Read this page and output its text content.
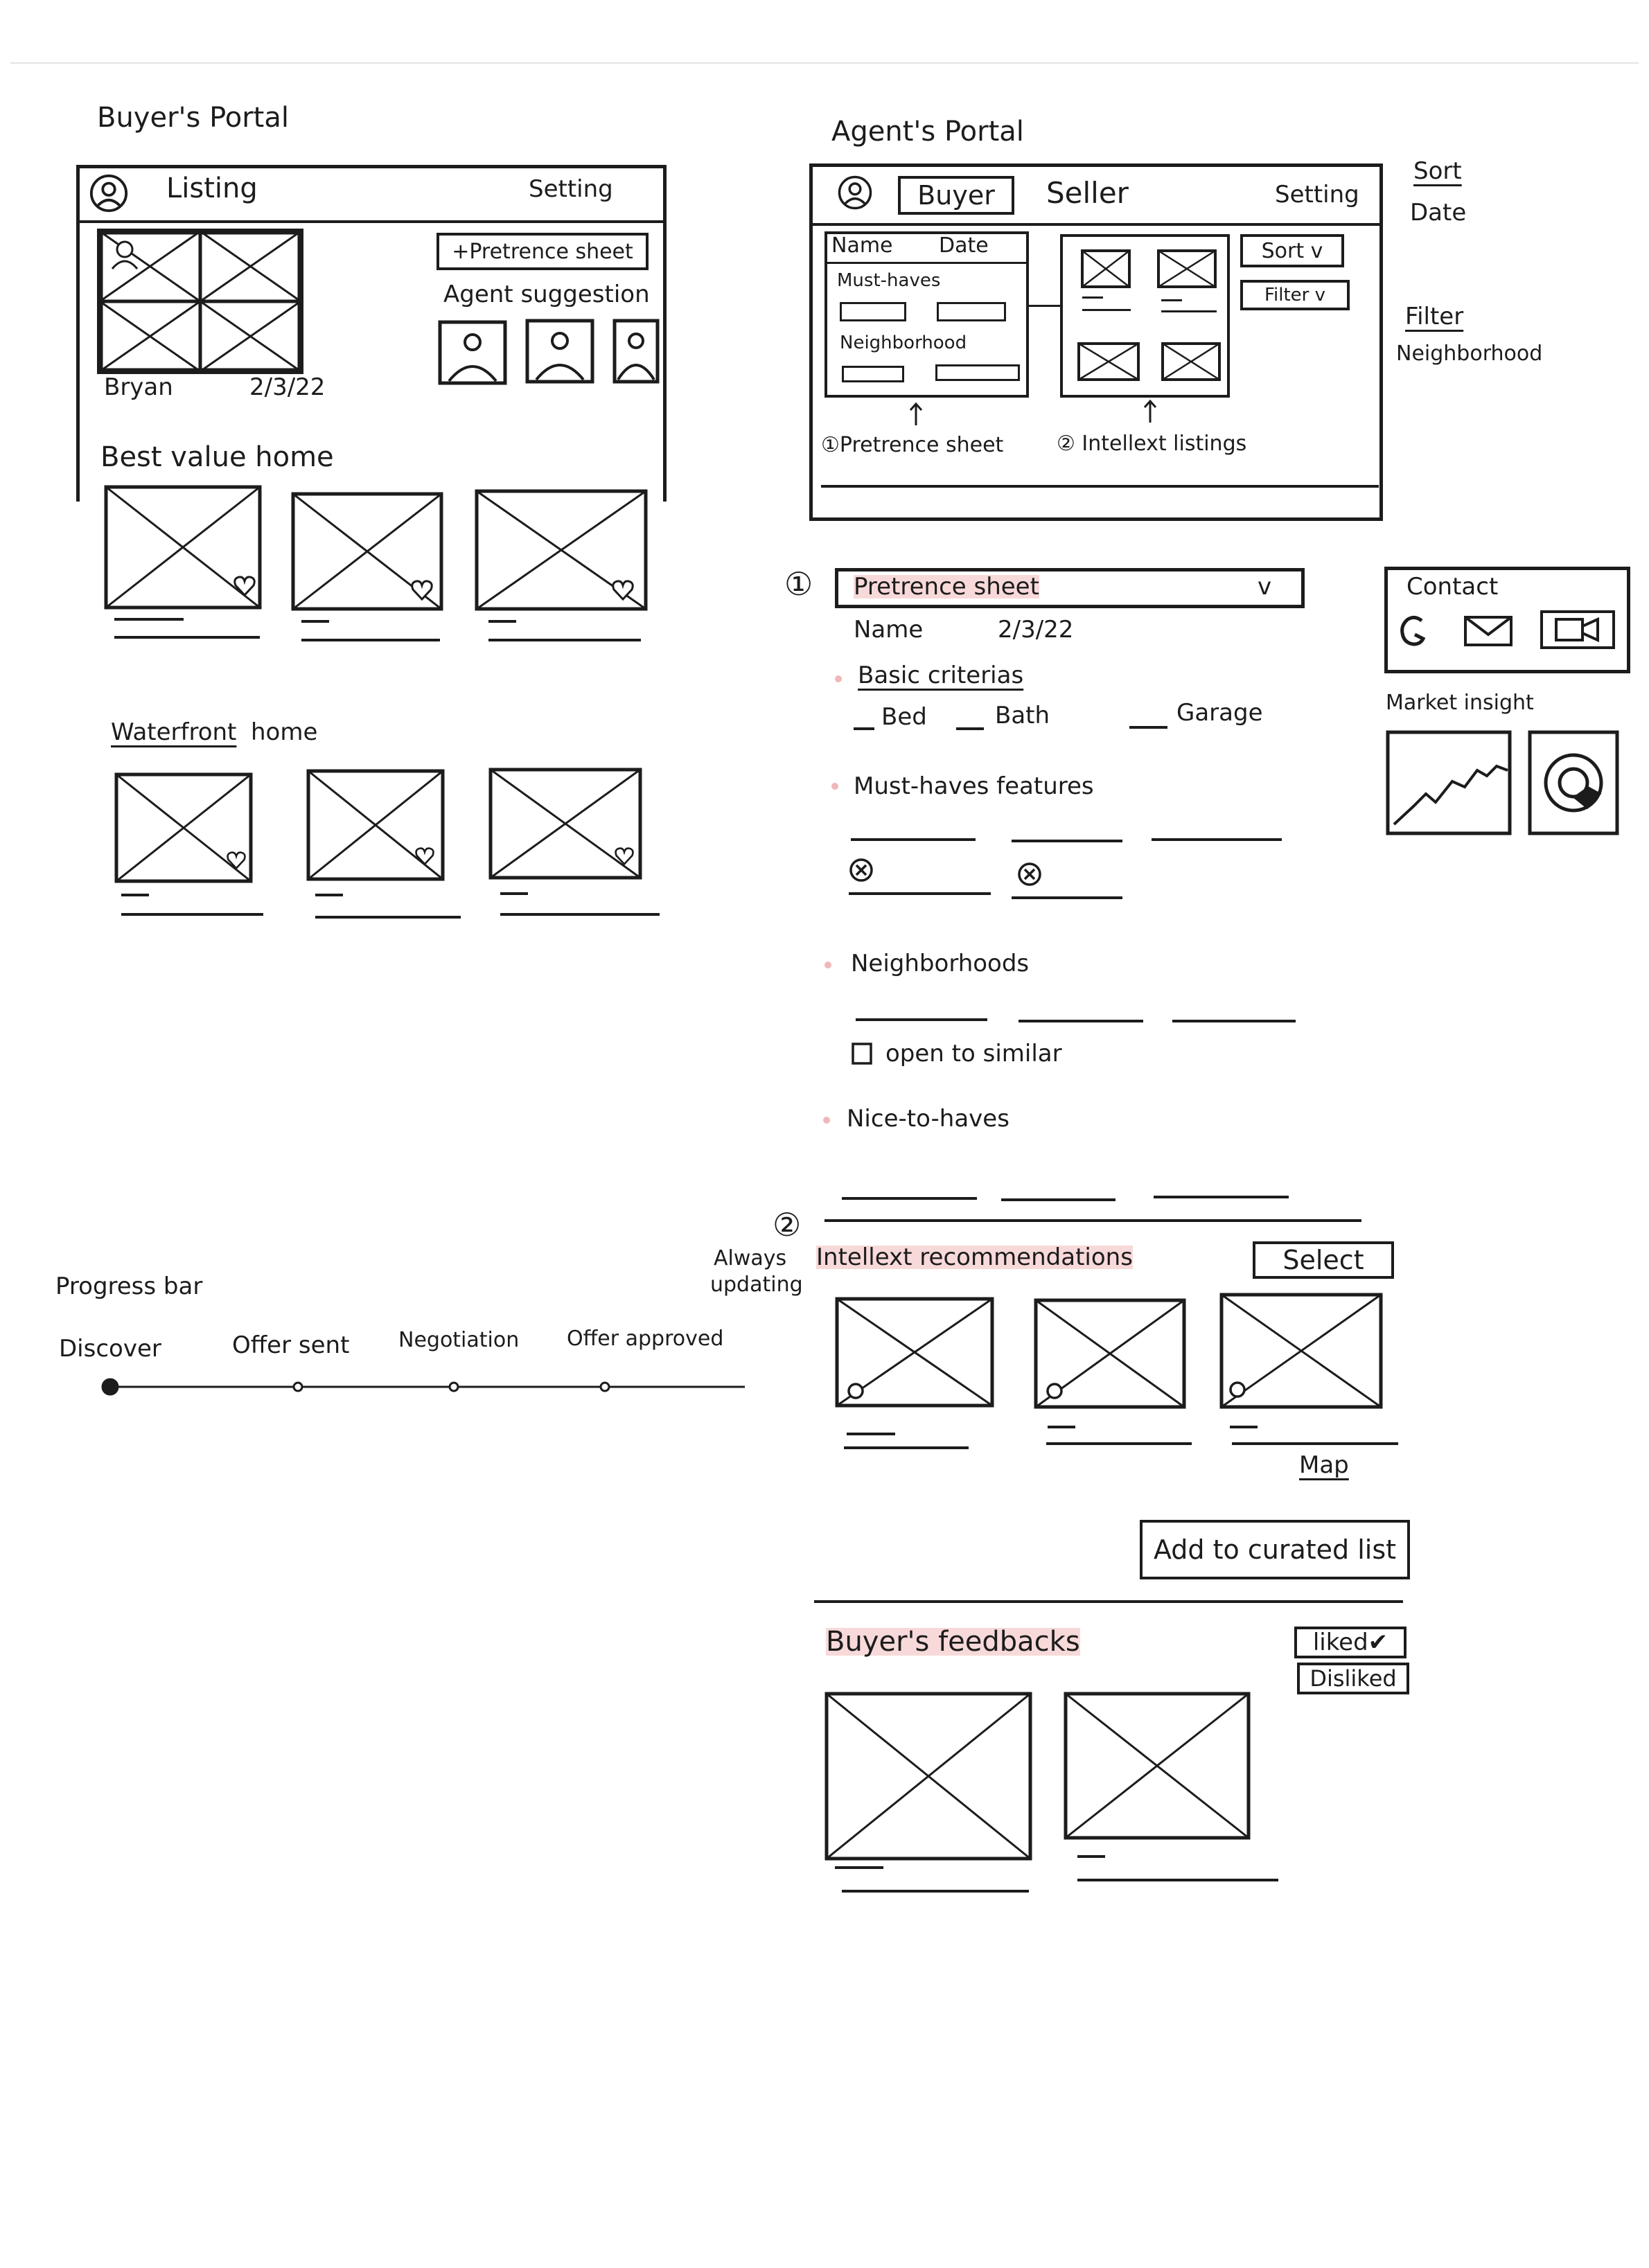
Buyer's Portal
Listing	Setting
Bryan	2/3/22
+Pretrence sheet
Agent suggestion
Best value home
Waterfront home
Progress bar
Discover	Offer sent Negotiation Offer approved
Agent's Portal
Buyer	Seller	Setting
Name Date
Must-haves
Neighborhood
Sort v
Filter v
①Pretrence sheet	② Intellext listings
Sort
Date
Filter
Neighborhood
① Pretrence sheet	v
Name	2/3/22
Basic criterias
Bed	Bath	Garage
Must-haves features
Neighborhoods
open to similar
Nice-to-haves
Contact
Market insight
②
Always
updating
Intellext recommendations	Select
Map
Add to curated list
Buyer's feedbacks	liked✔
Disliked
